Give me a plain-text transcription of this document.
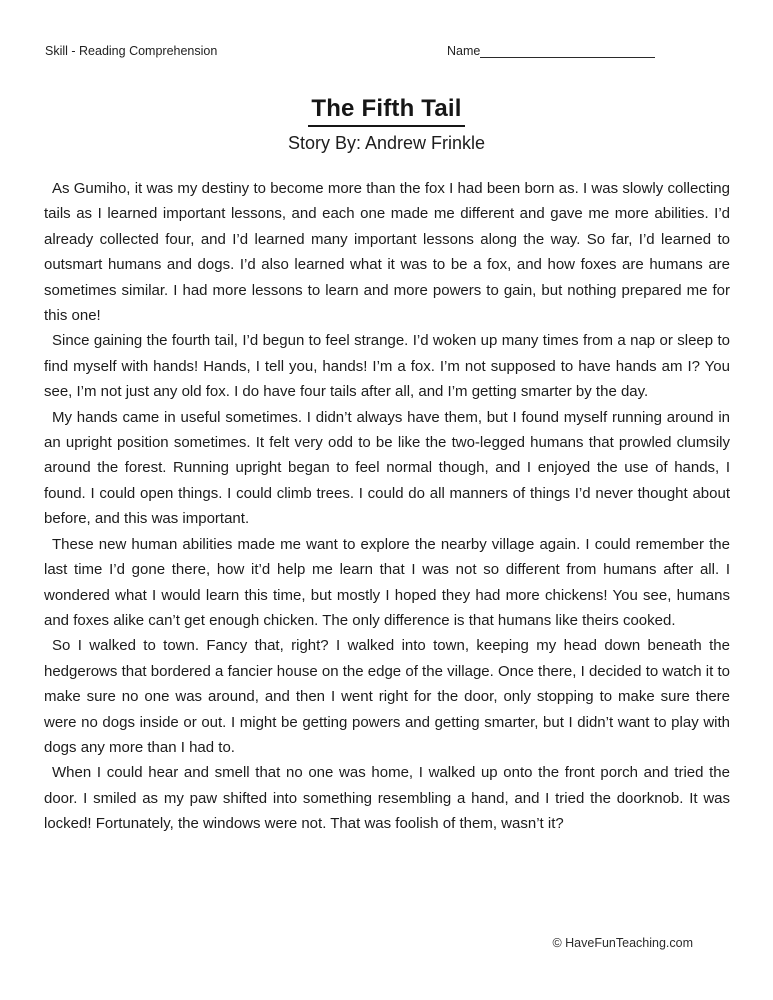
Skill - Reading Comprehension	Name
The Fifth Tail
Story By: Andrew Frinkle

As Gumiho, it was my destiny to become more than the fox I had been born as. I was slowly collecting tails as I learned important lessons, and each one made me different and gave me more abilities. I’d already collected four, and I’d learned many important lessons along the way. So far, I’d learned to outsmart humans and dogs. I’d also learned what it was to be a fox, and how foxes are humans are sometimes similar. I had more lessons to learn and more powers to gain, but nothing prepared me for this one!

Since gaining the fourth tail, I’d begun to feel strange. I’d woken up many times from a nap or sleep to find myself with hands! Hands, I tell you, hands! I’m a fox. I’m not supposed to have hands am I? You see, I’m not just any old fox. I do have four tails after all, and I’m getting smarter by the day.

My hands came in useful sometimes. I didn’t always have them, but I found myself running around in an upright position sometimes. It felt very odd to be like the two-legged humans that prowled clumsily around the forest. Running upright began to feel normal though, and I enjoyed the use of hands, I found. I could open things. I could climb trees. I could do all manners of things I’d never thought about before, and this was important.

These new human abilities made me want to explore the nearby village again. I could remember the last time I’d gone there, how it’d help me learn that I was not so different from humans after all. I wondered what I would learn this time, but mostly I hoped they had more chickens! You see, humans and foxes alike can’t get enough chicken. The only difference is that humans like theirs cooked.

So I walked to town. Fancy that, right? I walked into town, keeping my head down beneath the hedgerows that bordered a fancier house on the edge of the village. Once there, I decided to watch it to make sure no one was around, and then I went right for the door, only stopping to make sure there were no dogs inside or out. I might be getting powers and getting smarter, but I didn’t want to play with dogs any more than I had to.

When I could hear and smell that no one was home, I walked up onto the front porch and tried the door. I smiled as my paw shifted into something resembling a hand, and I tried the doorknob. It was locked! Fortunately, the windows were not. That was foolish of them, wasn’t it?

© HaveFunTeaching.com
